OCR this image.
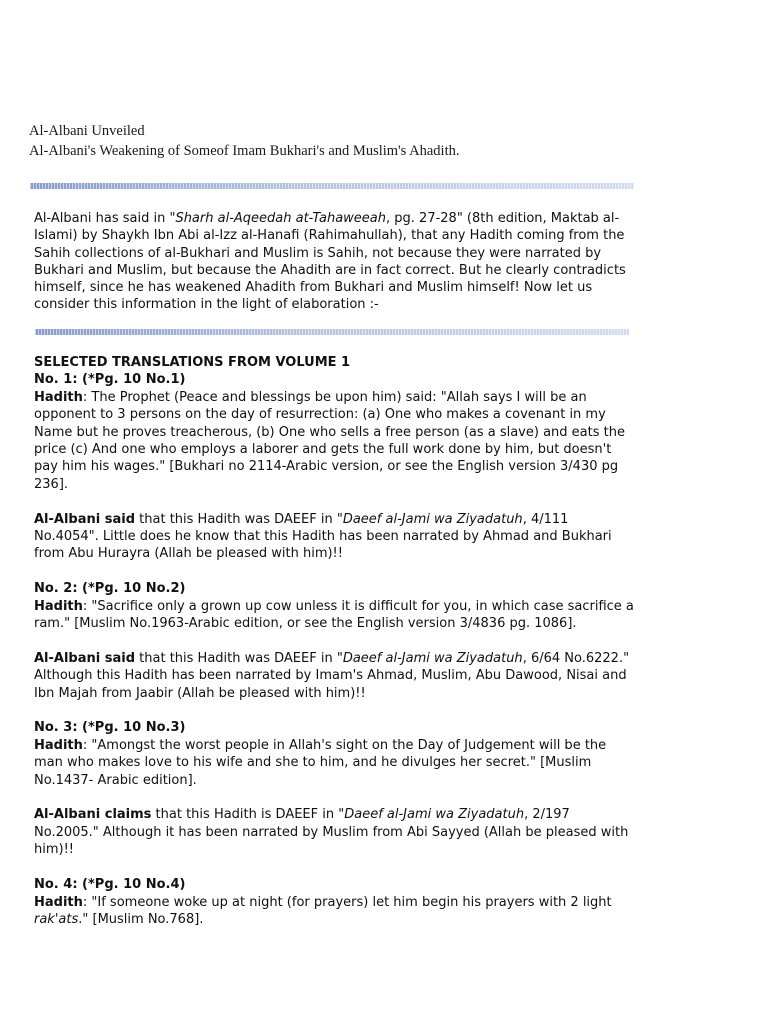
Al-Albani Unveiled
Al-Albani's Weakening of Someof Imam Bukhari's and Muslim's Ahadith.

Al-Albani has said in "Sharh al-Aqeedah at-Tahaweeah, pg. 27-28" (8th edition, Maktab al-Islami) by Shaykh Ibn Abi al-Izz al-Hanafi (Rahimahullah), that any Hadith coming from the Sahih collections of al-Bukhari and Muslim is Sahih, not because they were narrated by Bukhari and Muslim, but because the Ahadith are in fact correct. But he clearly contradicts himself, since he has weakened Ahadith from Bukhari and Muslim himself! Now let us consider this information in the light of elaboration :-

SELECTED TRANSLATIONS FROM VOLUME 1

No. 1: (*Pg. 10 No.1)
Hadith: The Prophet (Peace and blessings be upon him) said: "Allah says I will be an opponent to 3 persons on the day of resurrection: (a) One who makes a covenant in my Name but he proves treacherous, (b) One who sells a free person (as a slave) and eats the price (c) And one who employs a laborer and gets the full work done by him, but doesn't pay him his wages." [Bukhari no 2114-Arabic version, or see the English version 3/430 pg 236].

Al-Albani said that this Hadith was DAEEF in "Daeef al-Jami wa Ziyadatuh, 4/111 No.4054". Little does he know that this Hadith has been narrated by Ahmad and Bukhari from Abu Hurayra (Allah be pleased with him)!!

No. 2: (*Pg. 10 No.2)
Hadith: "Sacrifice only a grown up cow unless it is difficult for you, in which case sacrifice a ram." [Muslim No.1963-Arabic edition, or see the English version 3/4836 pg. 1086].

Al-Albani said that this Hadith was DAEEF in "Daeef al-Jami wa Ziyadatuh, 6/64 No.6222." Although this Hadith has been narrated by Imam's Ahmad, Muslim, Abu Dawood, Nisai and Ibn Majah from Jaabir (Allah be pleased with him)!!

No. 3: (*Pg. 10 No.3)
Hadith: "Amongst the worst people in Allah's sight on the Day of Judgement will be the man who makes love to his wife and she to him, and he divulges her secret." [Muslim No.1437- Arabic edition].

Al-Albani claims that this Hadith is DAEEF in "Daeef al-Jami wa Ziyadatuh, 2/197 No.2005." Although it has been narrated by Muslim from Abi Sayyed (Allah be pleased with him)!!

No. 4: (*Pg. 10 No.4)
Hadith: "If someone woke up at night (for prayers) let him begin his prayers with 2 light rak'ats." [Muslim No.768].
